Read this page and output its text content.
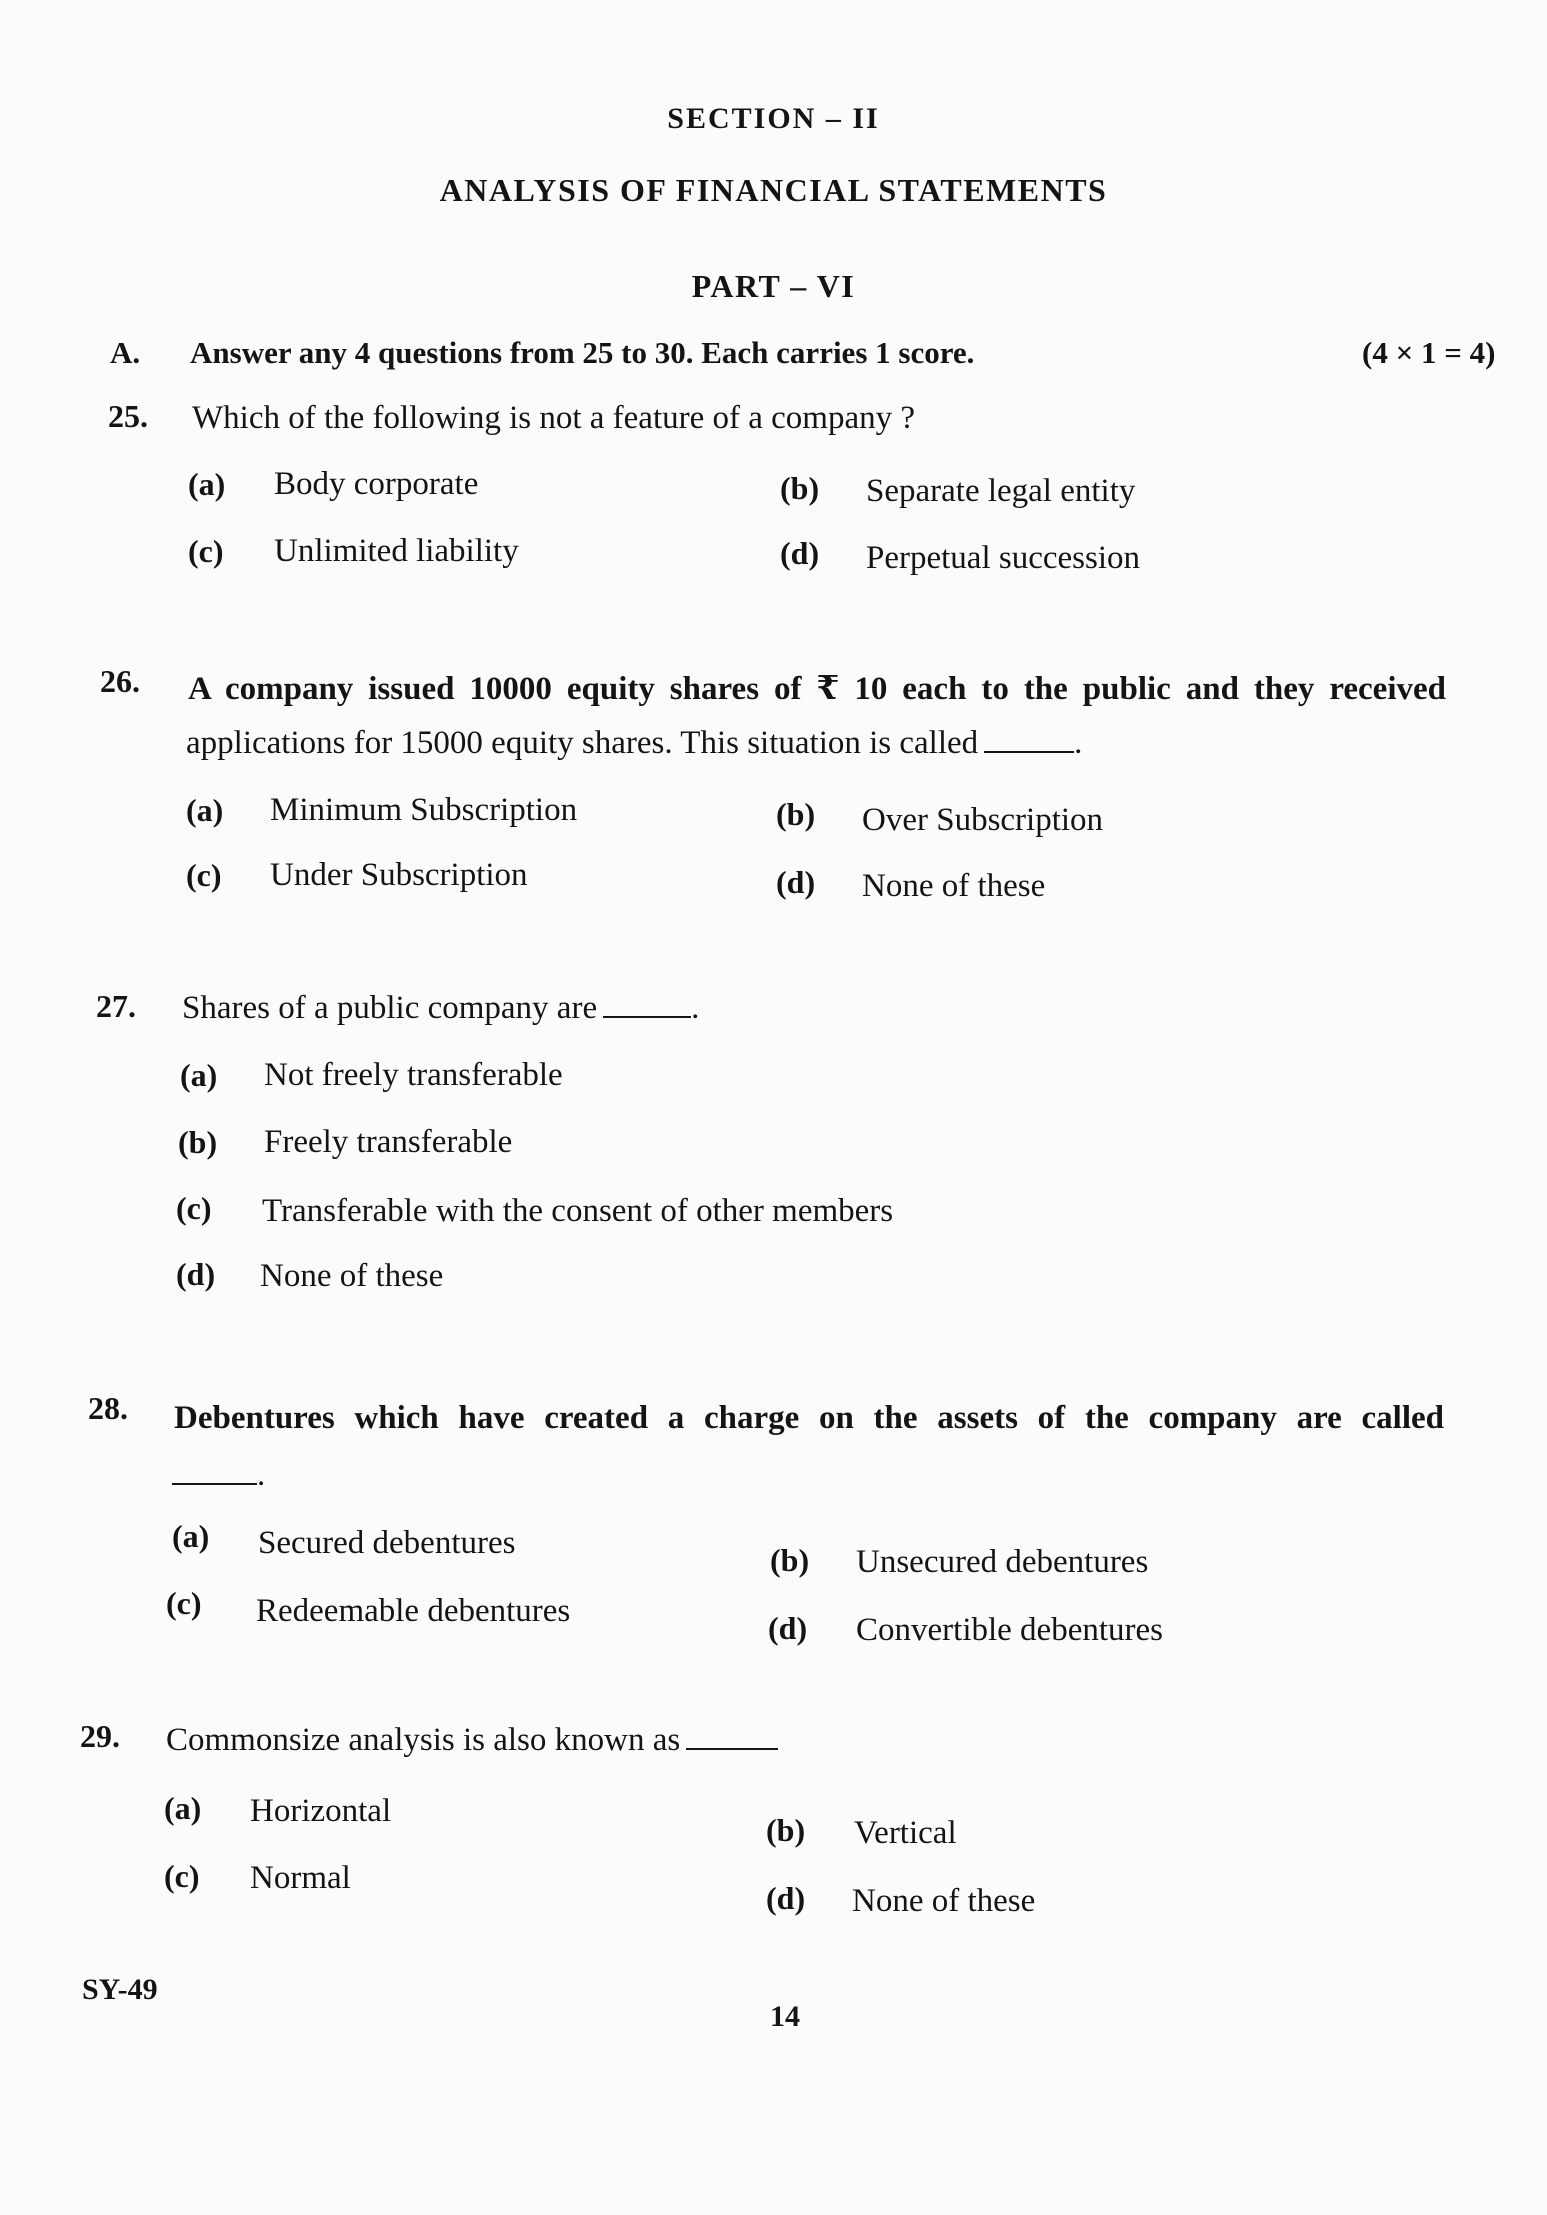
SECTION – II
ANALYSIS OF FINANCIAL STATEMENTS
PART – VI
A. Answer any 4 questions from 25 to 30. Each carries 1 score.	(4 × 1 = 4)
25. Which of the following is not a feature of a company ?
(a) Body corporate	(b) Separate legal entity
(c) Unlimited liability	(d) Perpetual succession
26. A company issued 10000 equity shares of ₹ 10 each to the public and they received
applications for 15000 equity shares. This situation is called	.
(a) Minimum Subscription	(b) Over Subscription
(c) Under Subscription	(d) None of these
27. Shares of a public company are	.
(a) Not freely transferable
(b) Freely transferable
(c) Transferable with the consent of other members
(d) None of these
28. Debentures which have created a charge on the assets of the company are called
.
(a) Secured debentures	(b) Unsecured debentures
(c) Redeemable debentures	(d) Convertible debentures
29. Commonsize analysis is also known as
(a) Horizontal
(b) Vertical
(c) Normal
(d) None of these
SY-49
14
